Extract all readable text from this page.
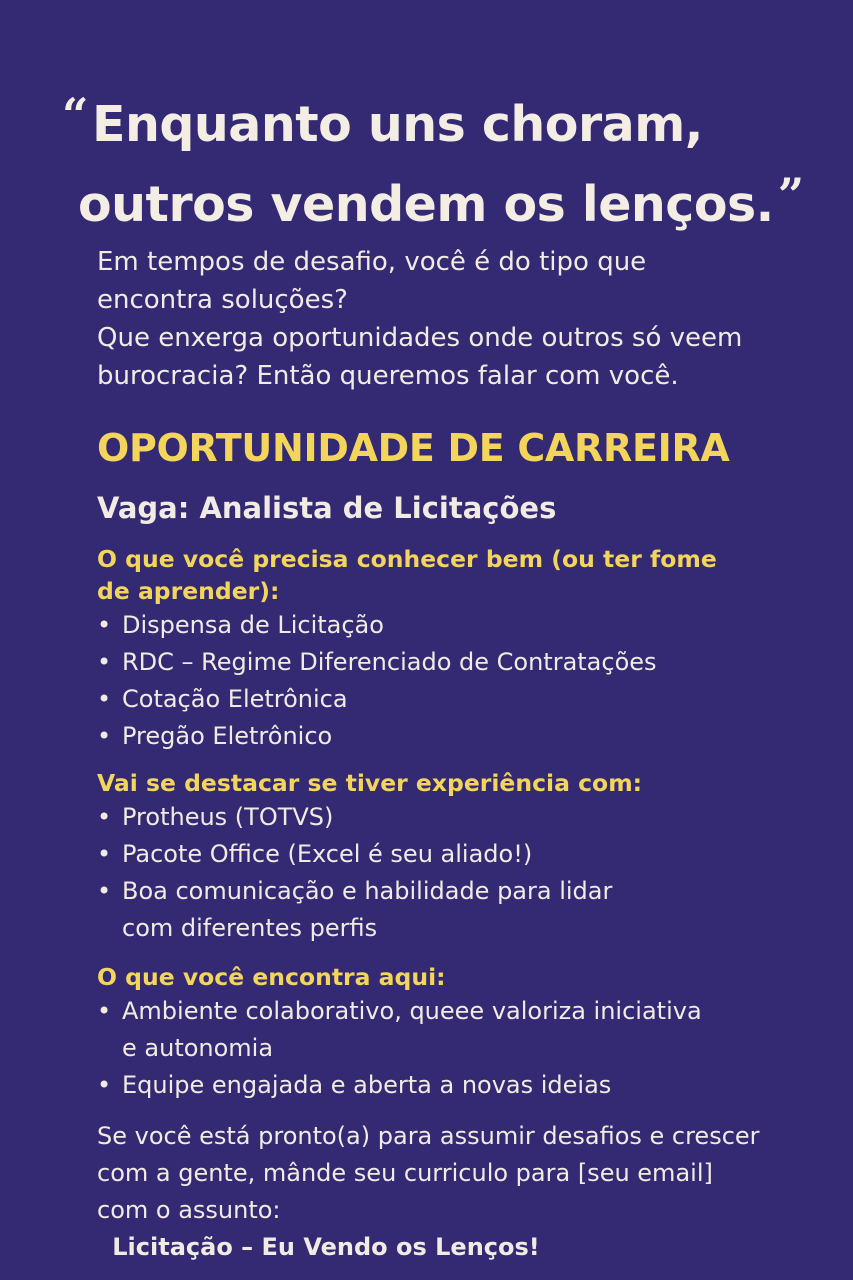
“Enquanto uns choram,
outros vendem os lenços.”

Em tempos de desafio, você é do tipo que
encontra soluções?
Que enxerga oportunidades onde outros só veem
burocracia? Então queremos falar com você.

OPORTUNIDADE DE CARREIRA
Vaga: Analista de Licitações
O que você precisa conhecer bem (ou ter fome
de aprender):
• Dispensa de Licitação
• RDC – Regime Diferenciado de Contratações
• Cotação Eletrônica
• Pregão Eletrônico
Vai se destacar se tiver experiência com:
• Protheus (TOTVS)
• Pacote Office (Excel é seu aliado!)
• Boa comunicação e habilidade para lidar
com diferentes perfis
O que você encontra aqui:
• Ambiente colaborativo, queee valoriza iniciativa
e autonomia
• Equipe engajada e aberta a novas ideias
Se você está pronto(a) para assumir desafios e crescer
com a gente, mânde seu curriculo para [seu email]
com o assunto:
Licitação – Eu Vendo os Lenços!
